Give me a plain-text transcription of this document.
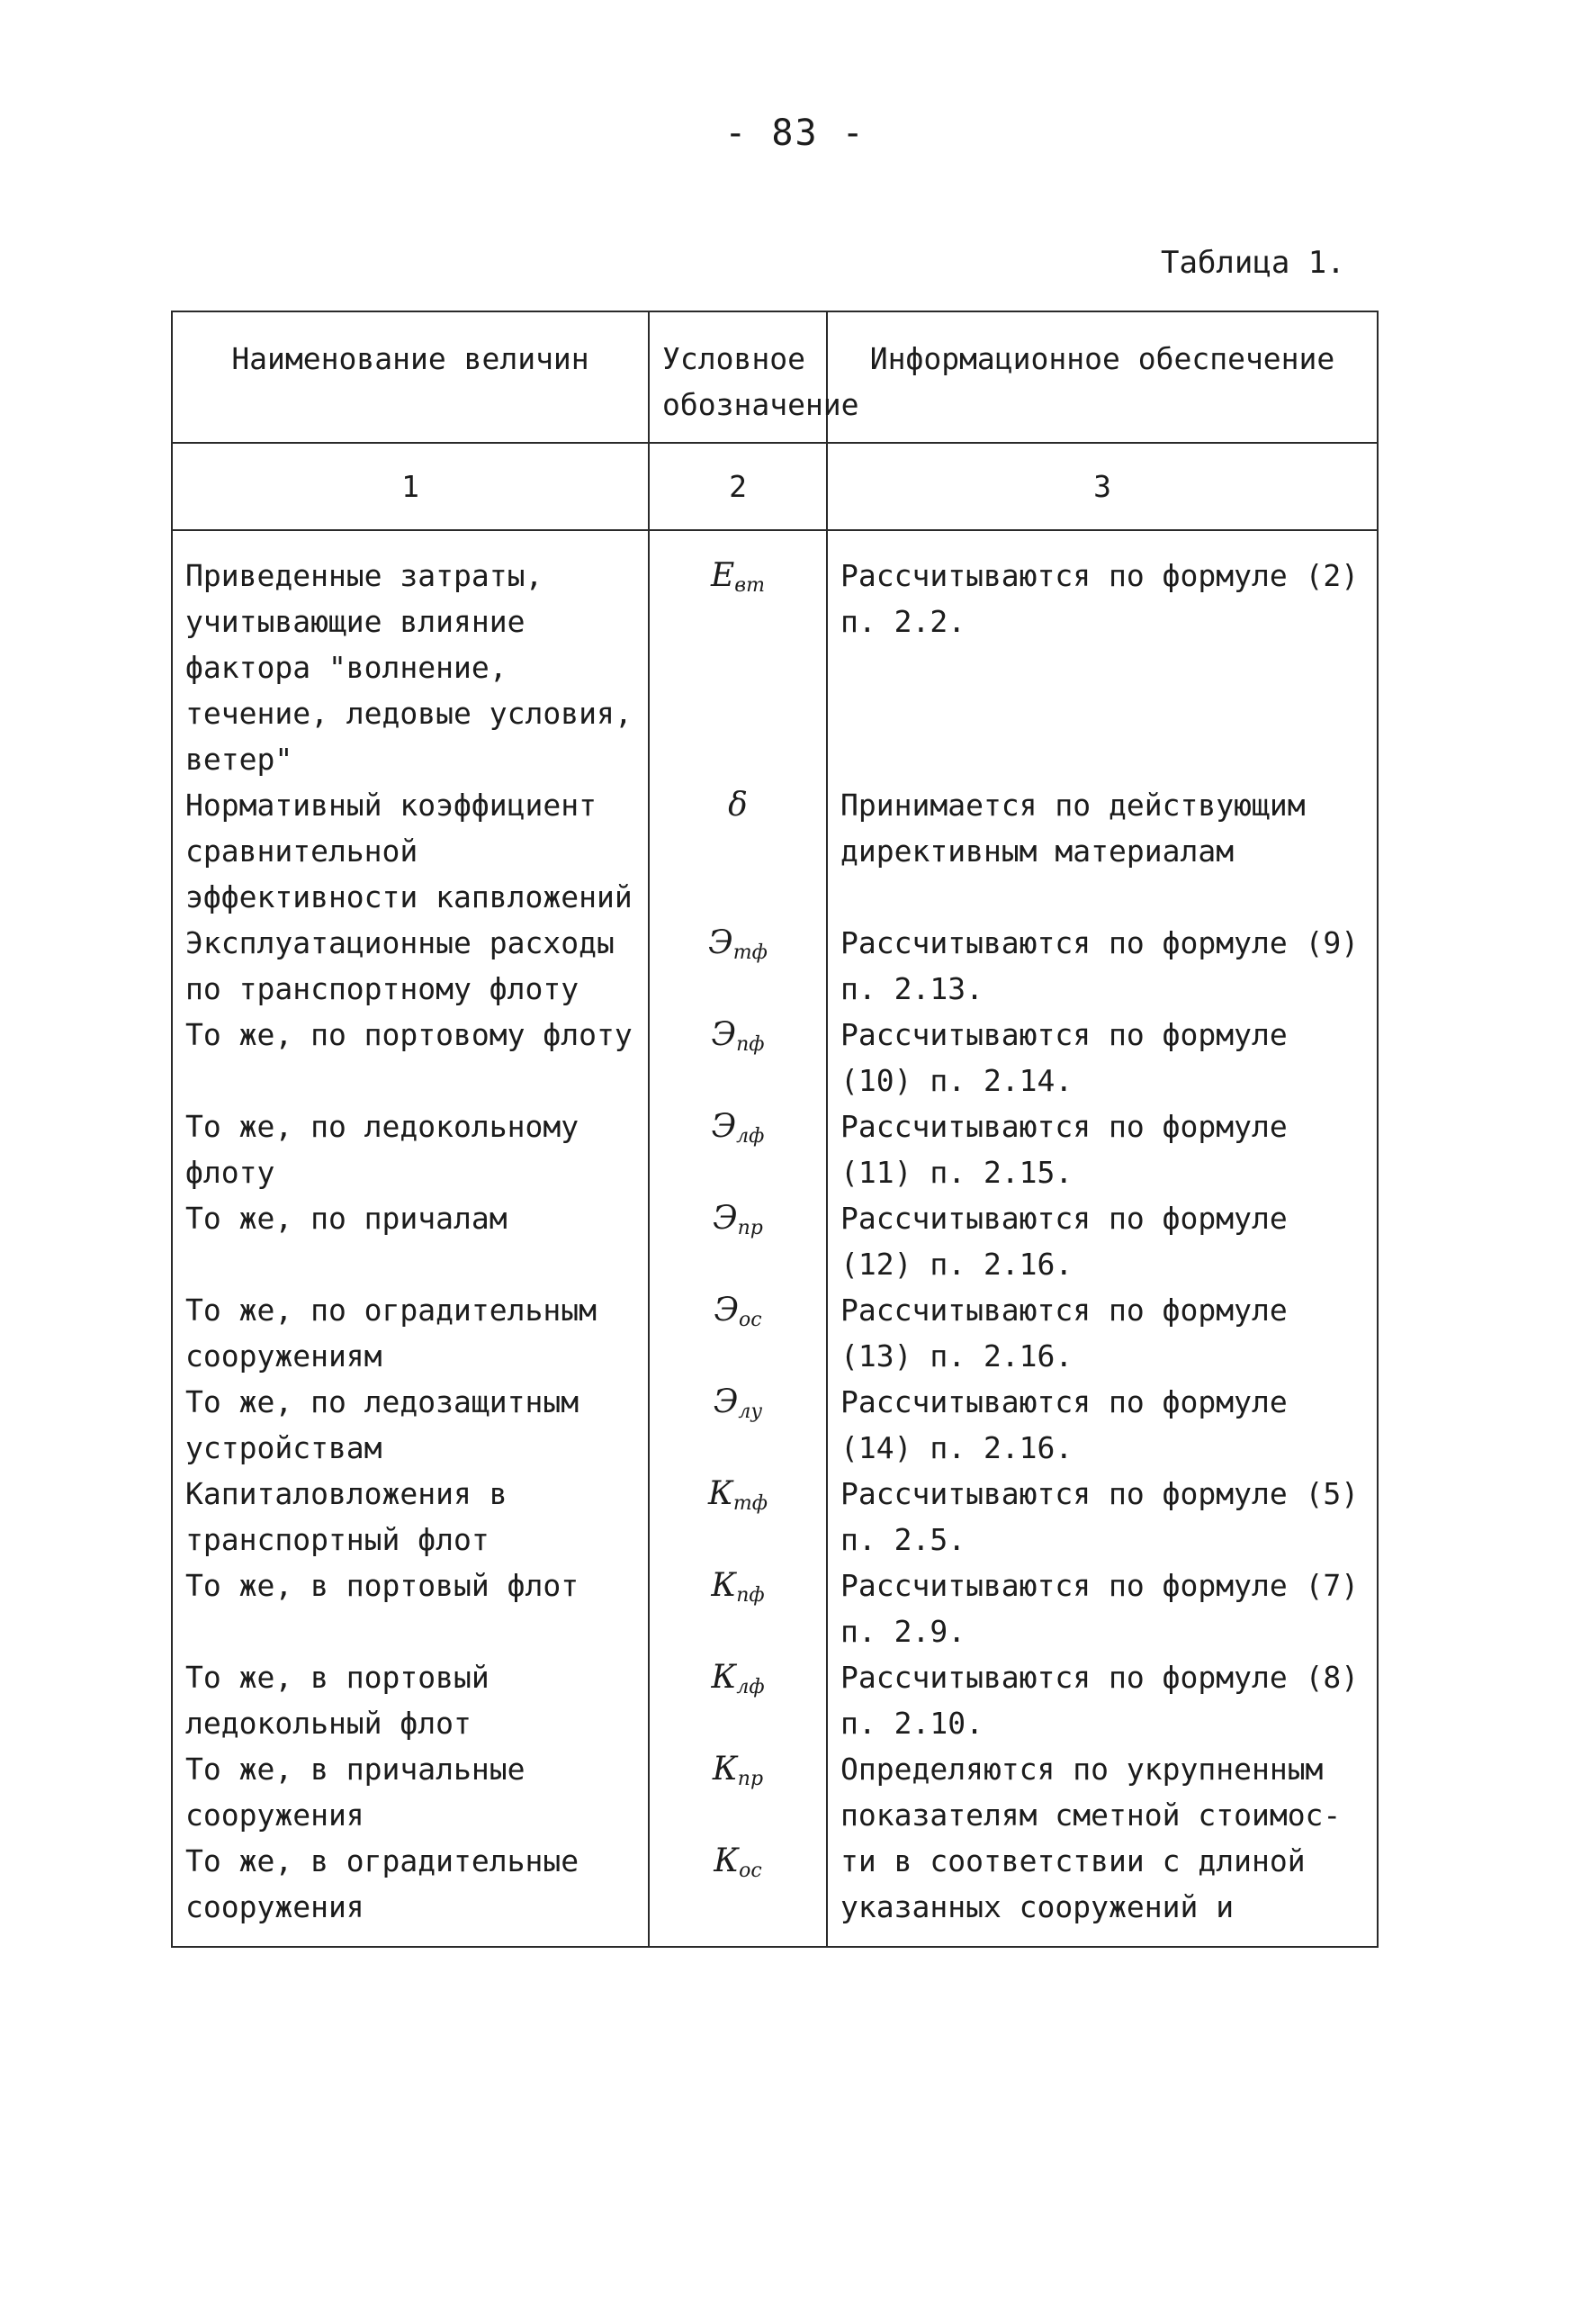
- 83 -
Таблица 1.
Наименование величин	Условное обозначение	Информационное обеспечение
1	2	3
Приведенные затраты, учитывающие влияние фактора "волнение, течение, ледовые условия, ветер"	Евт	Рассчитываются по формуле (2) п. 2.2.
Нормативный коэффициент сравнительной эффективности капвложений	δ	Принимается по действующим директивным материалам
Эксплуатационные расходы по транспортному флоту	Этф	Рассчитываются по формуле (9) п. 2.13.
То же, по портовому флоту	Эпф	Рассчитываются по формуле (10) п. 2.14.
То же, по ледокольному флоту	Элф	Рассчитываются по формуле (11) п. 2.15.
То же, по причалам	Эпр	Рассчитываются по формуле (12) п. 2.16.
То же, по оградительным сооружениям	Эос	Рассчитываются по формуле (13) п. 2.16.
То же, по ледозащитным устройствам	Элу	Рассчитываются по формуле (14) п. 2.16.
Капиталовложения в транспортный флот	Ктф	Рассчитываются по формуле (5) п. 2.5.
То же, в портовый флот	Кпф	Рассчитываются по формуле (7) п. 2.9.
То же, в портовый ледокольный флот	Клф	Рассчитываются по формуле (8) п. 2.10.
То же, в причальные сооружения	Кпр	Определяются по укрупненным показателям сметной стоимос-
То же, в оградительные сооружения	Кос	ти в соответствии с длиной указанных сооружений и
